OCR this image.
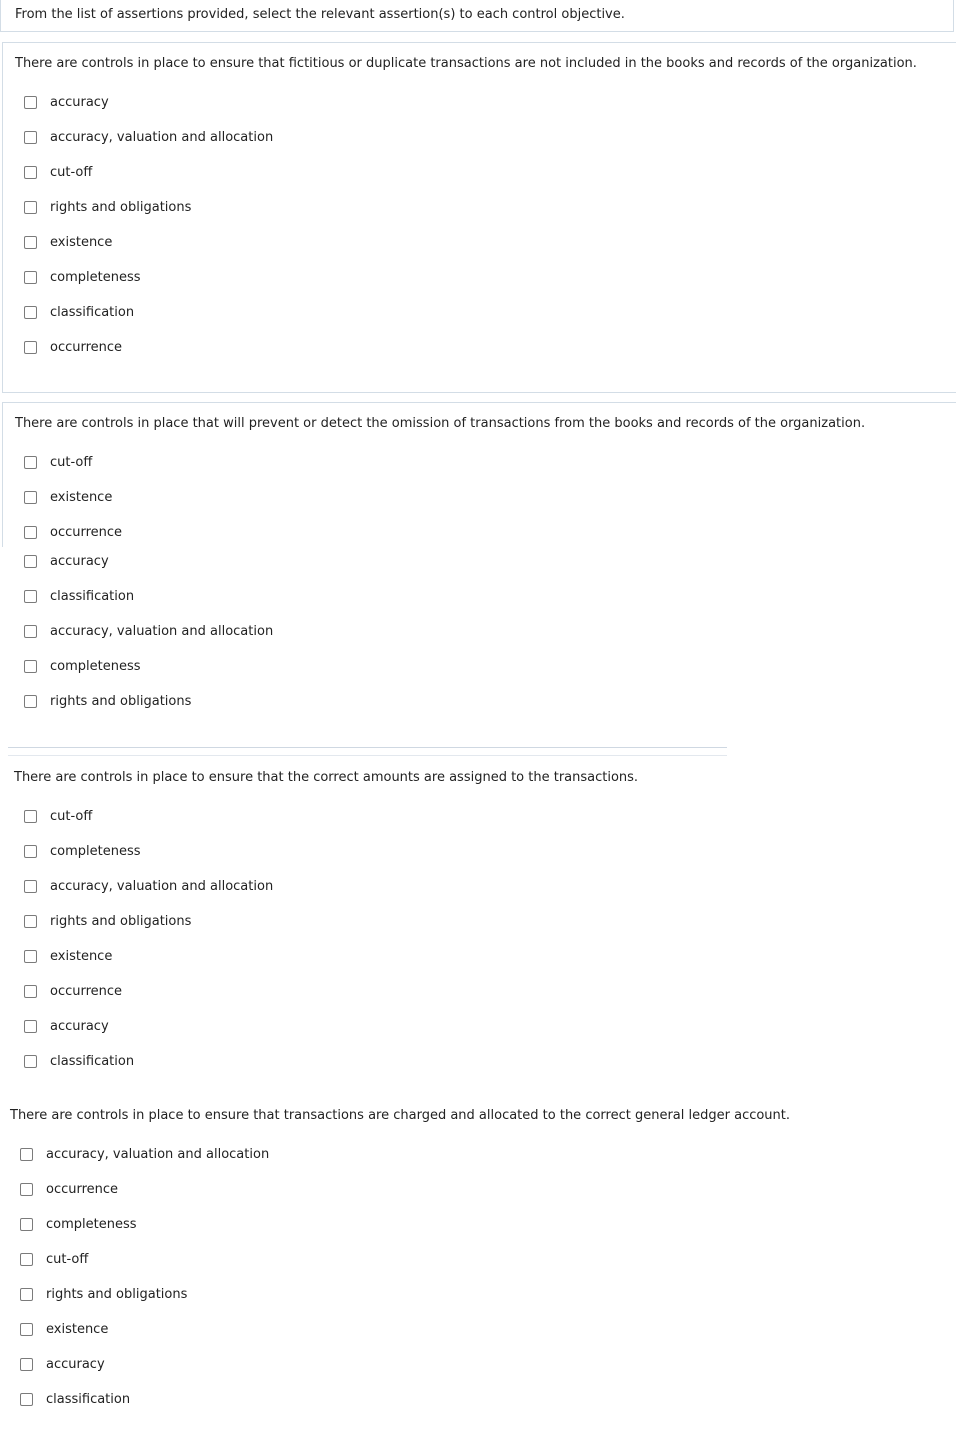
From the list of assertions provided, select the relevant assertion(s) to each control objective.
There are controls in place to ensure that fictitious or duplicate transactions are not included in the books and records of the organization.
accuracy
accuracy, valuation and allocation
cut-off
rights and obligations
existence
completeness
classification
occurrence
There are controls in place that will prevent or detect the omission of transactions from the books and records of the organization.
cut-off
existence
occurrence
accuracy
classification
accuracy, valuation and allocation
completeness
rights and obligations
There are controls in place to ensure that the correct amounts are assigned to the transactions.
cut-off
completeness
accuracy, valuation and allocation
rights and obligations
existence
occurrence
accuracy
classification
There are controls in place to ensure that transactions are charged and allocated to the correct general ledger account.
accuracy, valuation and allocation
occurrence
completeness
cut-off
rights and obligations
existence
accuracy
classification
